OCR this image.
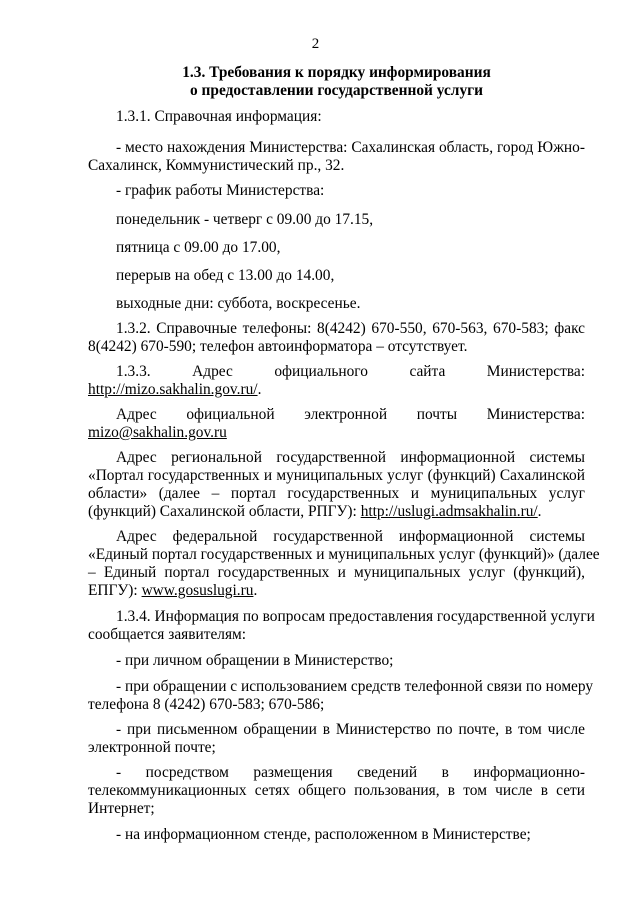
2
1.3. Требования к порядку информирования
о предоставлении государственной услуги
1.3.1. Справочная информация:
- место нахождения Министерства: Сахалинская область, город Южно-
Сахалинск, Коммунистический пр., 32.
- график работы Министерства:
понедельник - четверг с 09.00 до 17.15,
пятница с 09.00 до 17.00,
перерыв на обед с 13.00 до 14.00,
выходные дни: суббота, воскресенье.
1.3.2. Справочные телефоны: 8(4242) 670-550, 670-563, 670-583; факс
8(4242) 670-590; телефон автоинформатора – отсутствует.
1.3.3.	Адрес	официального	сайта	Министерства:
http://mizo.sakhalin.gov.ru/.
Адрес официальной электронной почты Министерства:
mizo@sakhalin.gov.ru
Адрес региональной государственной информационной системы
«Портал государственных и муниципальных услуг (функций) Сахалинской
области» (далее – портал государственных и муниципальных услуг
(функций) Сахалинской области, РПГУ): http://uslugi.admsakhalin.ru/.
Адрес федеральной государственной информационной системы
«Единый портал государственных и муниципальных услуг (функций)» (далее
– Единый портал государственных и муниципальных услуг (функций),
ЕПГУ): www.gosuslugi.ru.
1.3.4. Информация по вопросам предоставления государственной услуги
сообщается заявителям:
- при личном обращении в Министерство;
- при обращении с использованием средств телефонной связи по номеру
телефона 8 (4242) 670-583; 670-586;
- при письменном обращении в Министерство по почте, в том числе
электронной почте;
- посредством размещения сведений в информационно-
телекоммуникационных сетях общего пользования, в том числе в сети
Интернет;
- на информационном стенде, расположенном в Министерстве;
